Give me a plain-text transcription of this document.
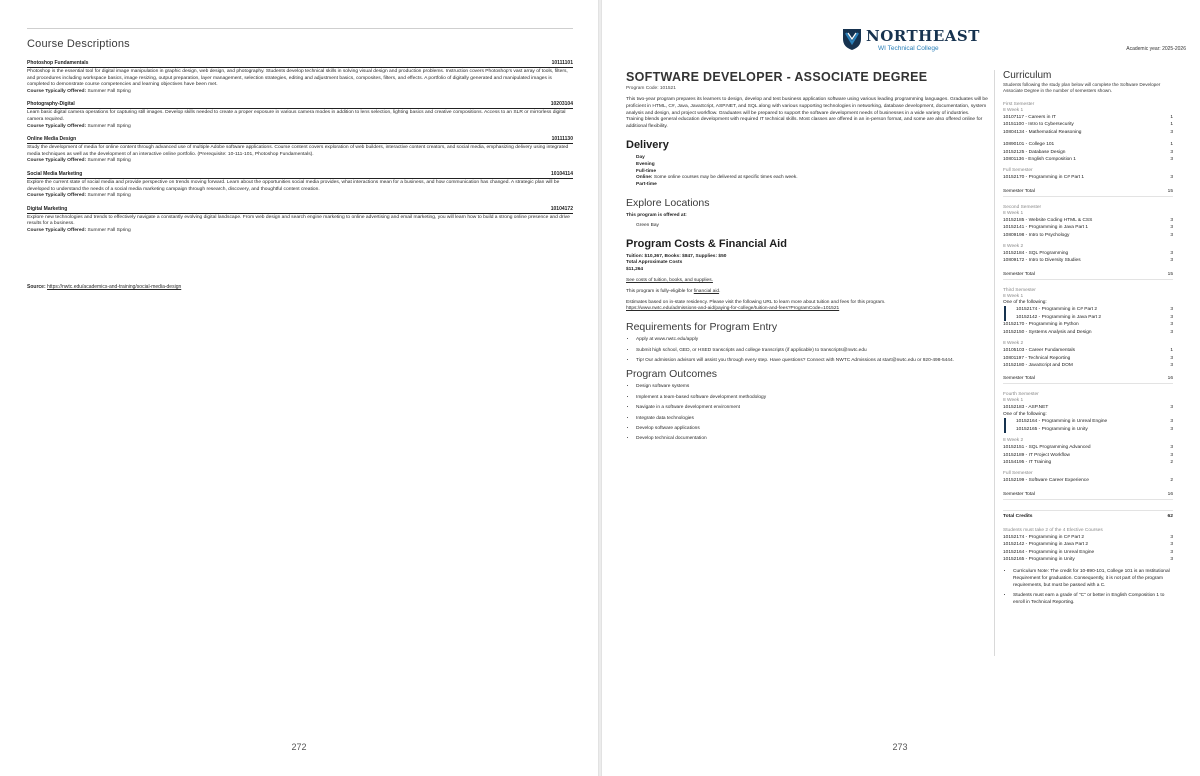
Course Descriptions
Photoshop Fundamentals	10111101
Photoshop is the essential tool for digital image manipulation in graphic design, web design, and photography. Students develop technical skills in solving visual design and production problems. Instruction covers Photoshop's vast array of tools, filters, and procedures including workspace basics, image resizing, output preparation, layer management, selection strategies, editing and adjustment basics, composites, filters, and effects. A portfolio of digitally generated and manipulated images is completed to demonstrate course competencies and learning objectives have been met.
Course Typically Offered: Summer Fall Spring
Photography-Digital	10203104
Learn basic digital camera operations for capturing still images. Develop skills needed to create a proper exposure in various camera modes in addition to lens selection, lighting basics and creative compositions. Access to an SLR or mirrorless digital camera required.
Course Typically Offered: Summer Fall Spring
Online Media Design	10111130
Study the development of media for online content through advanced use of multiple Adobe software applications. Course content covers exploration of web builders, interactive content creators, and social media, emphasizing delivery using integrated media techniques as well as the development of an interactive online portfolio. (Prerequisite: 10-111-101, Photoshop Fundamentals).
Course Typically Offered: Summer Fall Spring
Social Media Marketing	10104114
Explore the current state of social media and provide perspective on trends moving forward. Learn about the opportunities social media provides, what interactions mean for a business, and how communication has changed. A strategic plan will be developed to understand the needs of a social media marketing campaign through research, discovery, and thoughtful content creation.
Course Typically Offered: Summer Fall Spring
Digital Marketing	10104172
Explore new technologies and trends to effectively navigate a constantly evolving digital landscape. From web design and search engine marketing to online advertising and email marketing, you will learn how to build a strong online presence and drive results for a business.
Course Typically Offered: Summer Fall Spring
Source: https://nwtc.edu/academics-and-training/social-media-design
272
NORTHEAST
WI Technical College	Academic year: 2025-2026
SOFTWARE DEVELOPER - ASSOCIATE DEGREE
Program Code: 101521
This two-year program prepares its learners to design, develop and test business application software using various leading programming languages. Graduates will be proficient in HTML, C#, Java, JavaScript, ASP.NET, and SQL along with various supporting technologies in networking, database development, documentation, system analysis and design, and project workflow. Graduates will be prepared to support the software development needs of businesses in a wide variety of industries. Training blends general education development with required IT technical skills. Most classes are offered in an in-person format, and some are also offered online for additional flexibility.
Delivery
Day
Evening
Full-time
Online: Some online courses may be delivered at specific times each week.
Part-time
Explore Locations
This program is offered at:
Green Bay
Program Costs & Financial Aid
Tuition: $10,367, Books: $847, Supplies: $50
Total Approximate Costs
$11,264
See costs of tuition, books, and supplies.
This program is fully-eligible for financial aid.
Estimates based on in-state residency. Please visit the following URL to learn more about tuition and fees for this program.
https://www.nwtc.edu/admissions-and-aid/paying-for-college/tuition-and-fees?ProgramCode=101521
Requirements for Program Entry
• Apply at www.nwtc.edu/apply
• Submit high school, GED, or HSED transcripts and college transcripts (if applicable) to transcripts@nwtc.edu
• Tip! Our admission advisors will assist you through every step. Have questions? Connect with NWTC Admissions at start@nwtc.edu or 920-498-5444.
Program Outcomes
• Design software systems
• Implement a team-based software development methodology
• Navigate in a software development environment
• Integrate data technologies
• Develop software applications
• Develop technical documentation
Curriculum
Students following the study plan below will complete the Software Developer Associate Degree in the number of semesters shown.
First Semester
8 Week 1
10107117 - Careers in IT	1
10151100 - Intro to Cybersecurity	1
10804134 - Mathematical Reasoning	3
10890101 - College 101	1
10152125 - Database Design	3
10801136 - English Composition 1	3
Full Semester
10152170 - Programming in C# Part 1	3
Semester Total	15
Second Semester
8 Week 1
10152185 - Website Coding HTML & CSS	3
10152141 - Programming in Java Part 1	3
10809198 - Intro to Psychology	3
8 Week 2
10152184 - SQL Programming	3
10809172 - Intro to Diversity Studies	3
Semester Total	15
Third Semester
8 Week 1
One of the following:
10152174 - Programming in C# Part 2	3
10152142 - Programming in Java Part 2	3
10152170 - Programming in Python	3
10152150 - Systems Analysis and Design	3
8 Week 2
10105103 - Career Fundamentals	1
10801197 - Technical Reporting	3
10152180 - JavaScript and DOM	3
Semester Total	16
Fourth Semester
8 Week 1
10152183 - ASP.NET	3
One of the following:
10152164 - Programming in Unreal Engine	3
10152165 - Programming in Unity	3
8 Week 2
10152151 - SQL Programming Advanced	3
10152189 - IT Project Workflow	3
10154195 - IT Training	2
Full Semester
10152199 - Software Career Experience	2
Semester Total	16
Total Credits	62
Students must take 2 of the 4 Elective Courses
10152174 - Programming in C# Part 2	3
10152142 - Programming in Java Part 2	3
10152164 - Programming in Unreal Engine	3
10152165 - Programming in Unity	3
• Curriculum Note: The credit for 10-890-101, College 101 is an Institutional Requirement for graduation. Consequently, it is not part of the program requirements, but must be passed with a C.
• Students must earn a grade of "C" or better in English Composition 1 to enroll in Technical Reporting.
273
